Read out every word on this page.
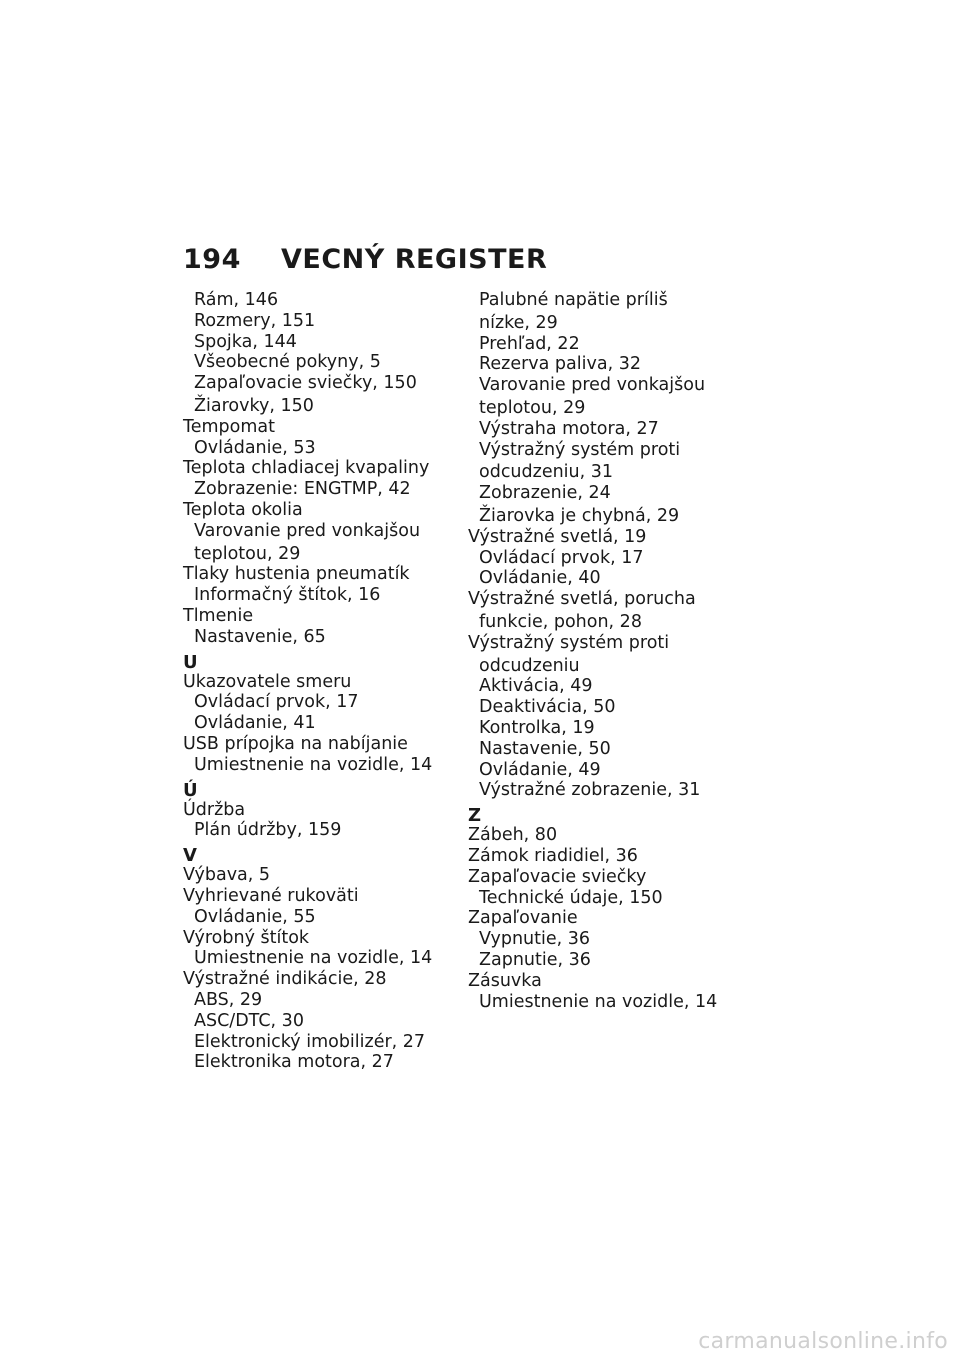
194	VECNÝ REGISTER
Rám, 146
Rozmery, 151
Spojka, 144
Všeobecné pokyny, 5
Zapaľovacie sviečky, 150
Žiarovky, 150
Tempomat
Ovládanie, 53
Teplota chladiacej kvapaliny
Zobrazenie: ENGTMP, 42
Teplota okolia
Varovanie pred vonkajšou
teplotou, 29
Tlaky hustenia pneumatík
Informačný štítok, 16
Tlmenie
Nastavenie, 65
U
Ukazovatele smeru
Ovládací prvok, 17
Ovládanie, 41
USB prípojka na nabíjanie
Umiestnenie na vozidle, 14
Ú
Údržba
Plán údržby, 159
V
Výbava, 5
Vyhrievané rukoväti
Ovládanie, 55
Výrobný štítok
Umiestnenie na vozidle, 14
Výstražné indikácie, 28
ABS, 29
ASC/DTC, 30
Elektronický imobilizér, 27
Elektronika motora, 27
Palubné napätie príliš
nízke, 29
Prehľad, 22
Rezerva paliva, 32
Varovanie pred vonkajšou
teplotou, 29
Výstraha motora, 27
Výstražný systém proti
odcudzeniu, 31
Zobrazenie, 24
Žiarovka je chybná, 29
Výstražné svetlá, 19
Ovládací prvok, 17
Ovládanie, 40
Výstražné svetlá, porucha
funkcie, pohon, 28
Výstražný systém proti
odcudzeniu
Aktivácia, 49
Deaktivácia, 50
Kontrolka, 19
Nastavenie, 50
Ovládanie, 49
Výstražné zobrazenie, 31
Z
Zábeh, 80
Zámok riadidiel, 36
Zapaľovacie sviečky
Technické údaje, 150
Zapaľovanie
Vypnutie, 36
Zapnutie, 36
Zásuvka
Umiestnenie na vozidle, 14
carmanualsonline.info
